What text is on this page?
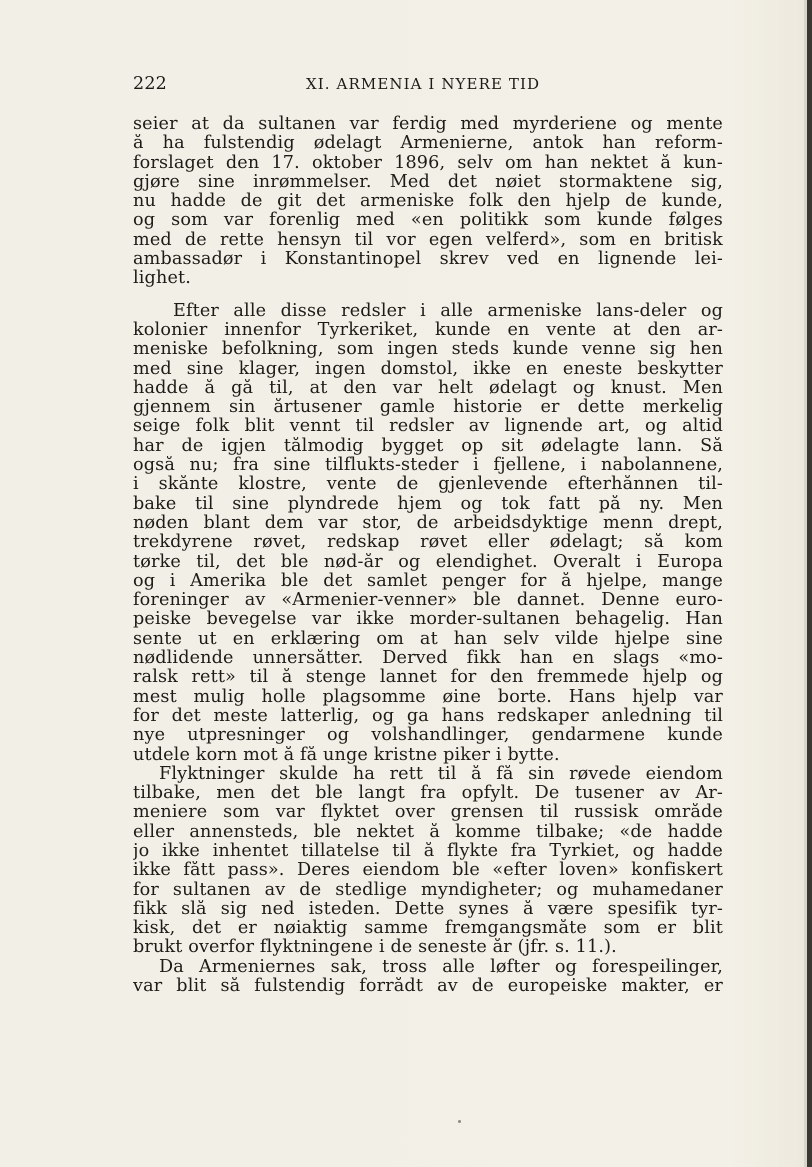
222	XI. ARMENIA I NYERE TID
seier at da sultanen var ferdig med myrderiene og mente
å ha fulstendig ødelagt Armenierne, antok han reform-
forslaget den 17. oktober 1896, selv om han nektet å kun-
gjøre sine inrømmelser. Med det nøiet stormaktene sig,
nu hadde de git det armeniske folk den hjelp de kunde,
og som var forenlig med «en politikk som kunde følges
med de rette hensyn til vor egen velferd», som en britisk
ambassadør i Konstantinopel skrev ved en lignende lei-
lighet.
Efter alle disse redsler i alle armeniske lans-deler og
kolonier innenfor Tyrkeriket, kunde en vente at den ar-
meniske befolkning, som ingen steds kunde venne sig hen
med sine klager, ingen domstol, ikke en eneste beskytter
hadde å gå til, at den var helt ødelagt og knust. Men
gjennem sin årtusener gamle historie er dette merkelig
seige folk blit vennt til redsler av lignende art, og altid
har de igjen tålmodig bygget op sit ødelagte lann. Så
også nu; fra sine tilflukts-steder i fjellene, i nabolannene,
i skånte klostre, vente de gjenlevende efterhånnen til-
bake til sine plyndrede hjem og tok fatt på ny. Men
nøden blant dem var stor, de arbeidsdyktige menn drept,
trekdyrene røvet, redskap røvet eller ødelagt; så kom
tørke til, det ble nød-år og elendighet. Overalt i Europa
og i Amerika ble det samlet penger for å hjelpe, mange
foreninger av «Armenier-venner» ble dannet. Denne euro-
peiske bevegelse var ikke morder-sultanen behagelig. Han
sente ut en erklæring om at han selv vilde hjelpe sine
nødlidende unnersåtter. Derved fikk han en slags «mo-
ralsk rett» til å stenge lannet for den fremmede hjelp og
mest mulig holle plagsomme øine borte. Hans hjelp var
for det meste latterlig, og ga hans redskaper anledning til
nye utpresninger og volshandlinger, gendarmene kunde
utdele korn mot å få unge kristne piker i bytte.
Flyktninger skulde ha rett til å få sin røvede eiendom
tilbake, men det ble langt fra opfylt. De tusener av Ar-
meniere som var flyktet over grensen til russisk område
eller annensteds, ble nektet å komme tilbake; «de hadde
jo ikke inhentet tillatelse til å flykte fra Tyrkiet, og hadde
ikke fått pass». Deres eiendom ble «efter loven» konfiskert
for sultanen av de stedlige myndigheter; og muhamedaner
fikk slå sig ned isteden. Dette synes å være spesifik tyr-
kisk, det er nøiaktig samme fremgangsmåte som er blit
brukt overfor flyktningene i de seneste år (jfr. s. 11.).
Da Armeniernes sak, tross alle løfter og forespeilinger,
var blit så fulstendig forrådt av de europeiske makter, er
